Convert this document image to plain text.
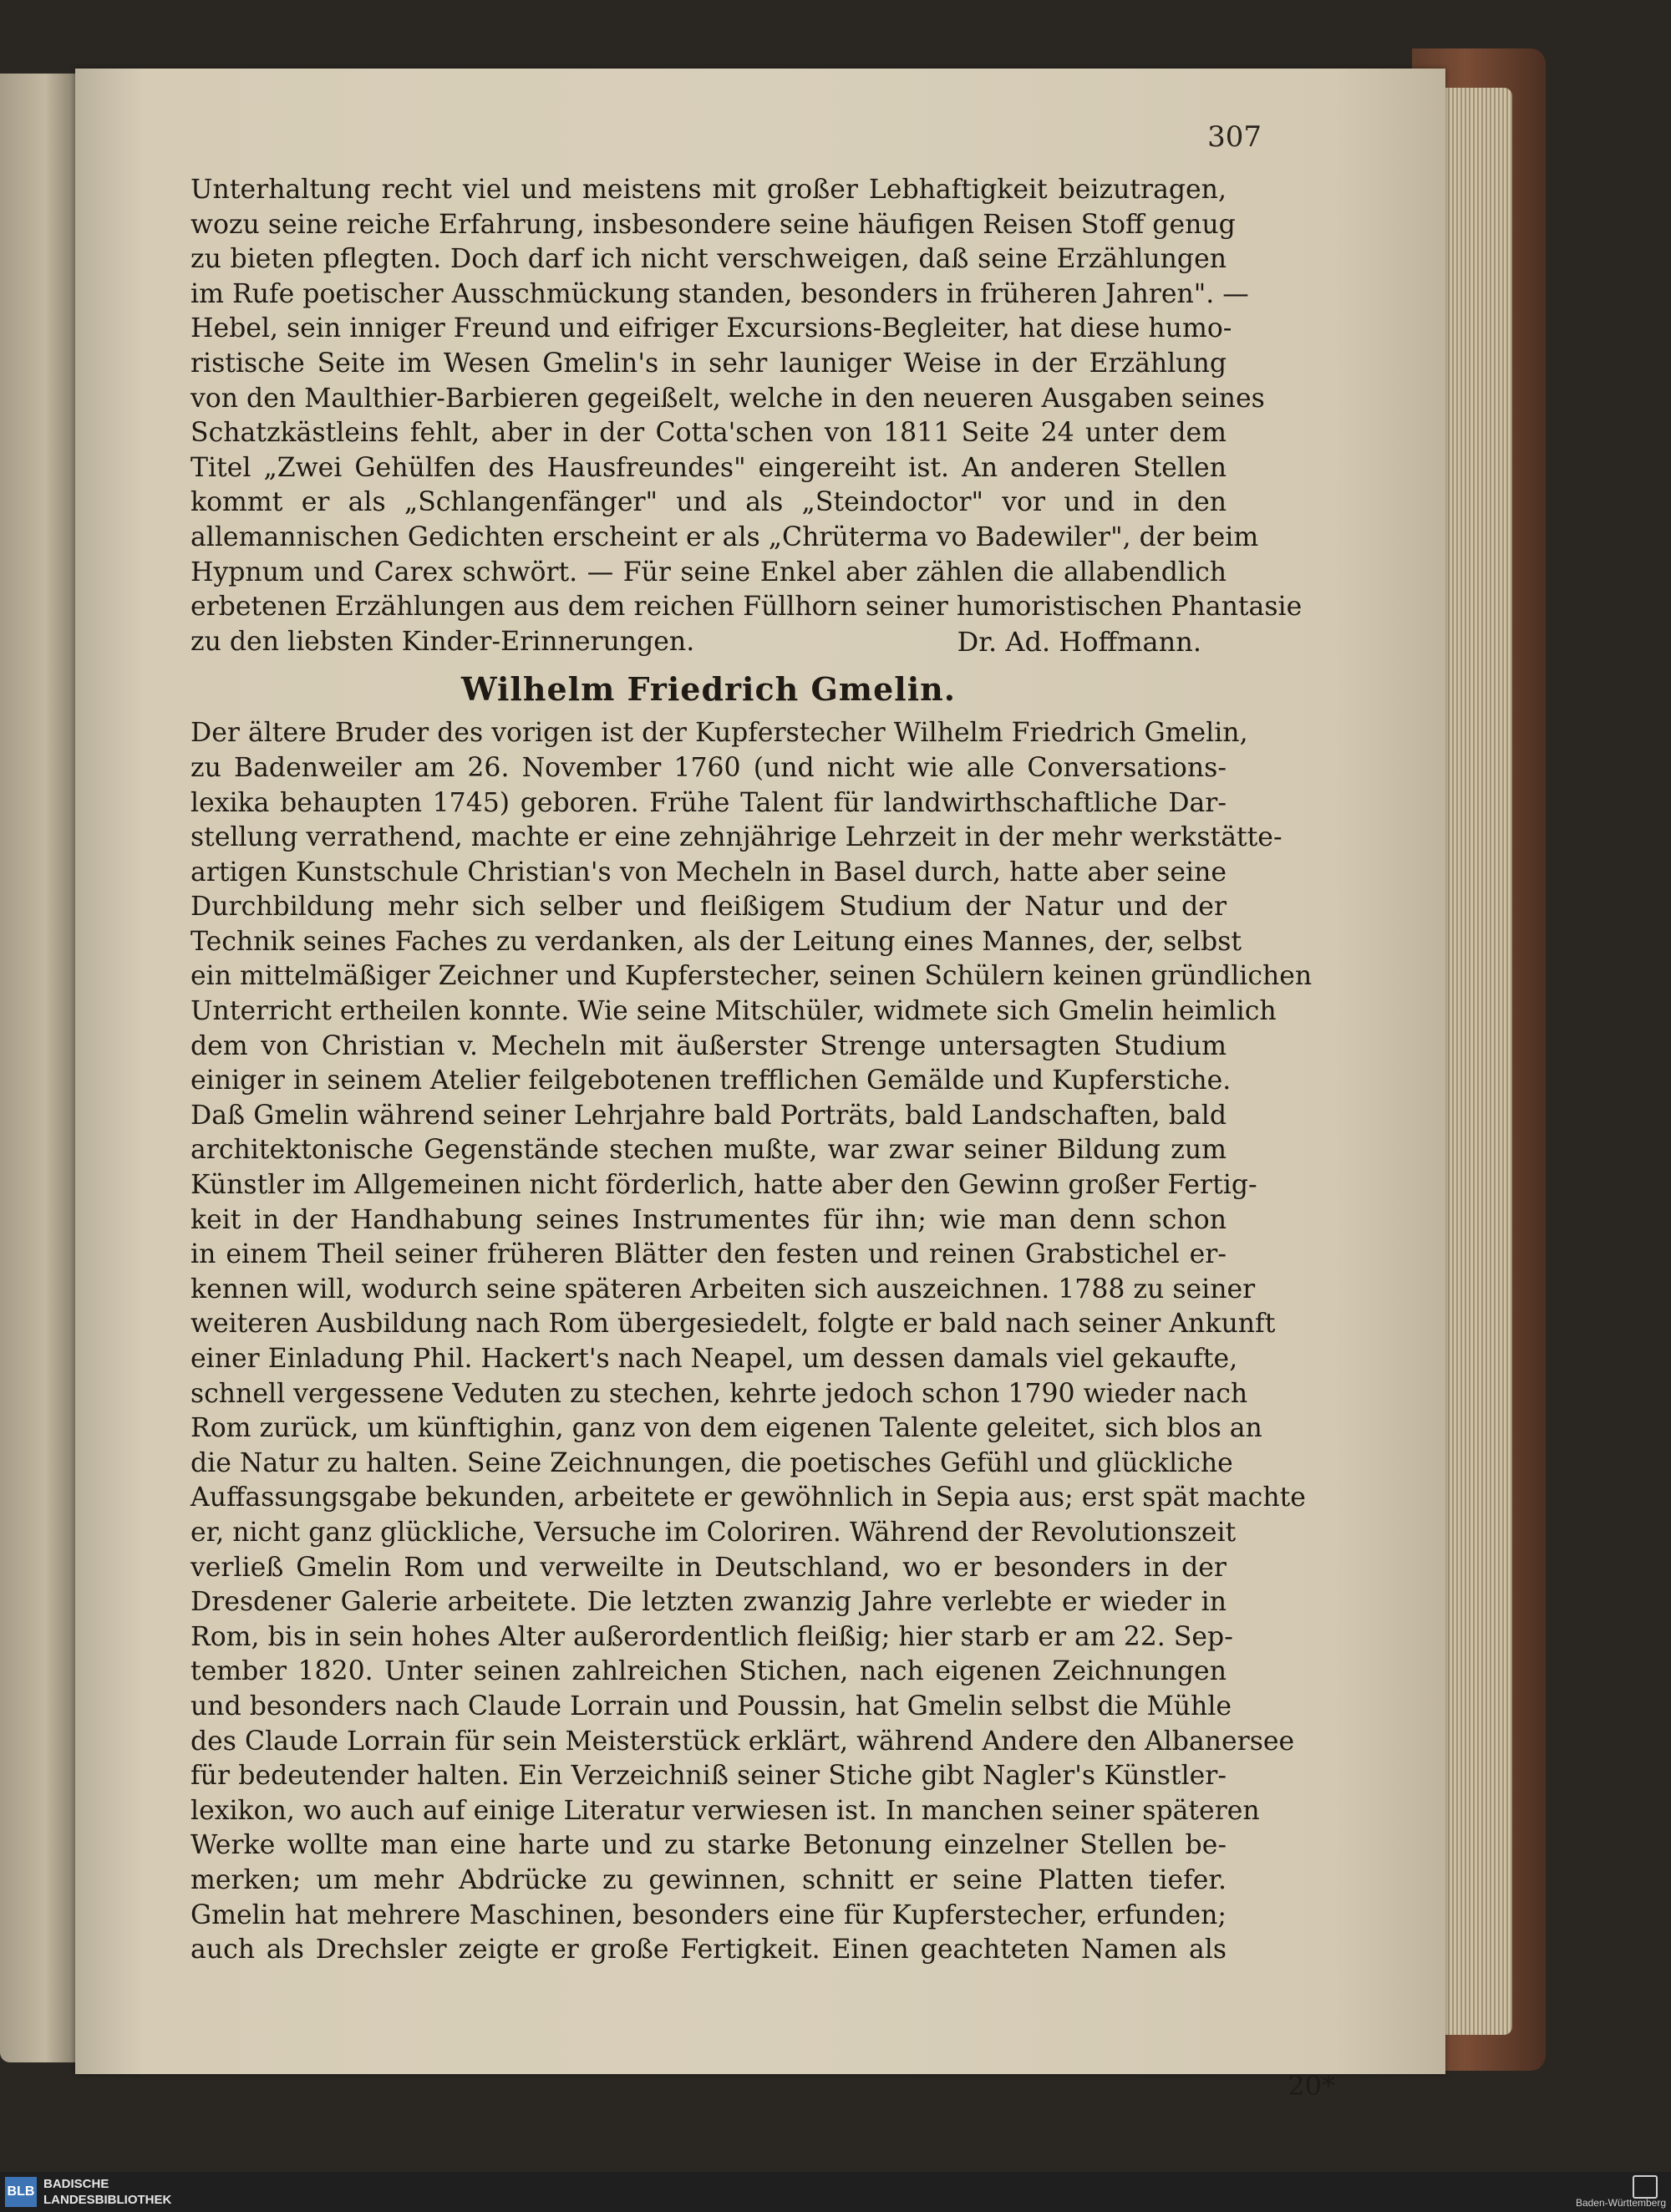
307
Unterhaltung recht viel und meistens mit großer Lebhaftigkeit beizutragen,
wozu seine reiche Erfahrung, insbesondere seine häufigen Reisen Stoff genug
zu bieten pflegten. Doch darf ich nicht verschweigen, daß seine Erzählungen
im Rufe poetischer Ausschmückung standen, besonders in früheren Jahren". —
Hebel, sein inniger Freund und eifriger Excursions-Begleiter, hat diese humo-
ristische Seite im Wesen Gmelin's in sehr launiger Weise in der Erzählung
von den Maulthier-Barbieren gegeißelt, welche in den neueren Ausgaben seines
Schatzkästleins fehlt, aber in der Cotta'schen von 1811 Seite 24 unter dem
Titel „Zwei Gehülfen des Hausfreundes" eingereiht ist. An anderen Stellen
kommt er als „Schlangenfänger" und als „Steindoctor" vor und in den
allemannischen Gedichten erscheint er als „Chrüterma vo Badewiler", der beim
Hypnum und Carex schwört. — Für seine Enkel aber zählen die allabendlich
erbetenen Erzählungen aus dem reichen Füllhorn seiner humoristischen Phantasie
zu den liebsten Kinder-Erinnerungen.	Dr. Ad. Hoffmann.
Wilhelm Friedrich Gmelin.
Der ältere Bruder des vorigen ist der Kupferstecher Wilhelm Friedrich Gmelin,
zu Badenweiler am 26. November 1760 (und nicht wie alle Conversations-
lexika behaupten 1745) geboren. Frühe Talent für landwirthschaftliche Dar-
stellung verrathend, machte er eine zehnjährige Lehrzeit in der mehr werkstätte-
artigen Kunstschule Christian's von Mecheln in Basel durch, hatte aber seine
Durchbildung mehr sich selber und fleißigem Studium der Natur und der
Technik seines Faches zu verdanken, als der Leitung eines Mannes, der, selbst
ein mittelmäßiger Zeichner und Kupferstecher, seinen Schülern keinen gründlichen
Unterricht ertheilen konnte. Wie seine Mitschüler, widmete sich Gmelin heimlich
dem von Christian v. Mecheln mit äußerster Strenge untersagten Studium
einiger in seinem Atelier feilgebotenen trefflichen Gemälde und Kupferstiche.
Daß Gmelin während seiner Lehrjahre bald Porträts, bald Landschaften, bald
architektonische Gegenstände stechen mußte, war zwar seiner Bildung zum
Künstler im Allgemeinen nicht förderlich, hatte aber den Gewinn großer Fertig-
keit in der Handhabung seines Instrumentes für ihn; wie man denn schon
in einem Theil seiner früheren Blätter den festen und reinen Grabstichel er-
kennen will, wodurch seine späteren Arbeiten sich auszeichnen. 1788 zu seiner
weiteren Ausbildung nach Rom übergesiedelt, folgte er bald nach seiner Ankunft
einer Einladung Phil. Hackert's nach Neapel, um dessen damals viel gekaufte,
schnell vergessene Veduten zu stechen, kehrte jedoch schon 1790 wieder nach
Rom zurück, um künftighin, ganz von dem eigenen Talente geleitet, sich blos an
die Natur zu halten. Seine Zeichnungen, die poetisches Gefühl und glückliche
Auffassungsgabe bekunden, arbeitete er gewöhnlich in Sepia aus; erst spät machte
er, nicht ganz glückliche, Versuche im Coloriren. Während der Revolutionszeit
verließ Gmelin Rom und verweilte in Deutschland, wo er besonders in der
Dresdener Galerie arbeitete. Die letzten zwanzig Jahre verlebte er wieder in
Rom, bis in sein hohes Alter außerordentlich fleißig; hier starb er am 22. Sep-
tember 1820. Unter seinen zahlreichen Stichen, nach eigenen Zeichnungen
und besonders nach Claude Lorrain und Poussin, hat Gmelin selbst die Mühle
des Claude Lorrain für sein Meisterstück erklärt, während Andere den Albanersee
für bedeutender halten. Ein Verzeichniß seiner Stiche gibt Nagler's Künstler-
lexikon, wo auch auf einige Literatur verwiesen ist. In manchen seiner späteren
Werke wollte man eine harte und zu starke Betonung einzelner Stellen be-
merken; um mehr Abdrücke zu gewinnen, schnitt er seine Platten tiefer.
Gmelin hat mehrere Maschinen, besonders eine für Kupferstecher, erfunden;
auch als Drechsler zeigte er große Fertigkeit. Einen geachteten Namen als
20*
BLB
BADISCHE
LANDESBIBLIOTHEK	Baden-Württemberg
